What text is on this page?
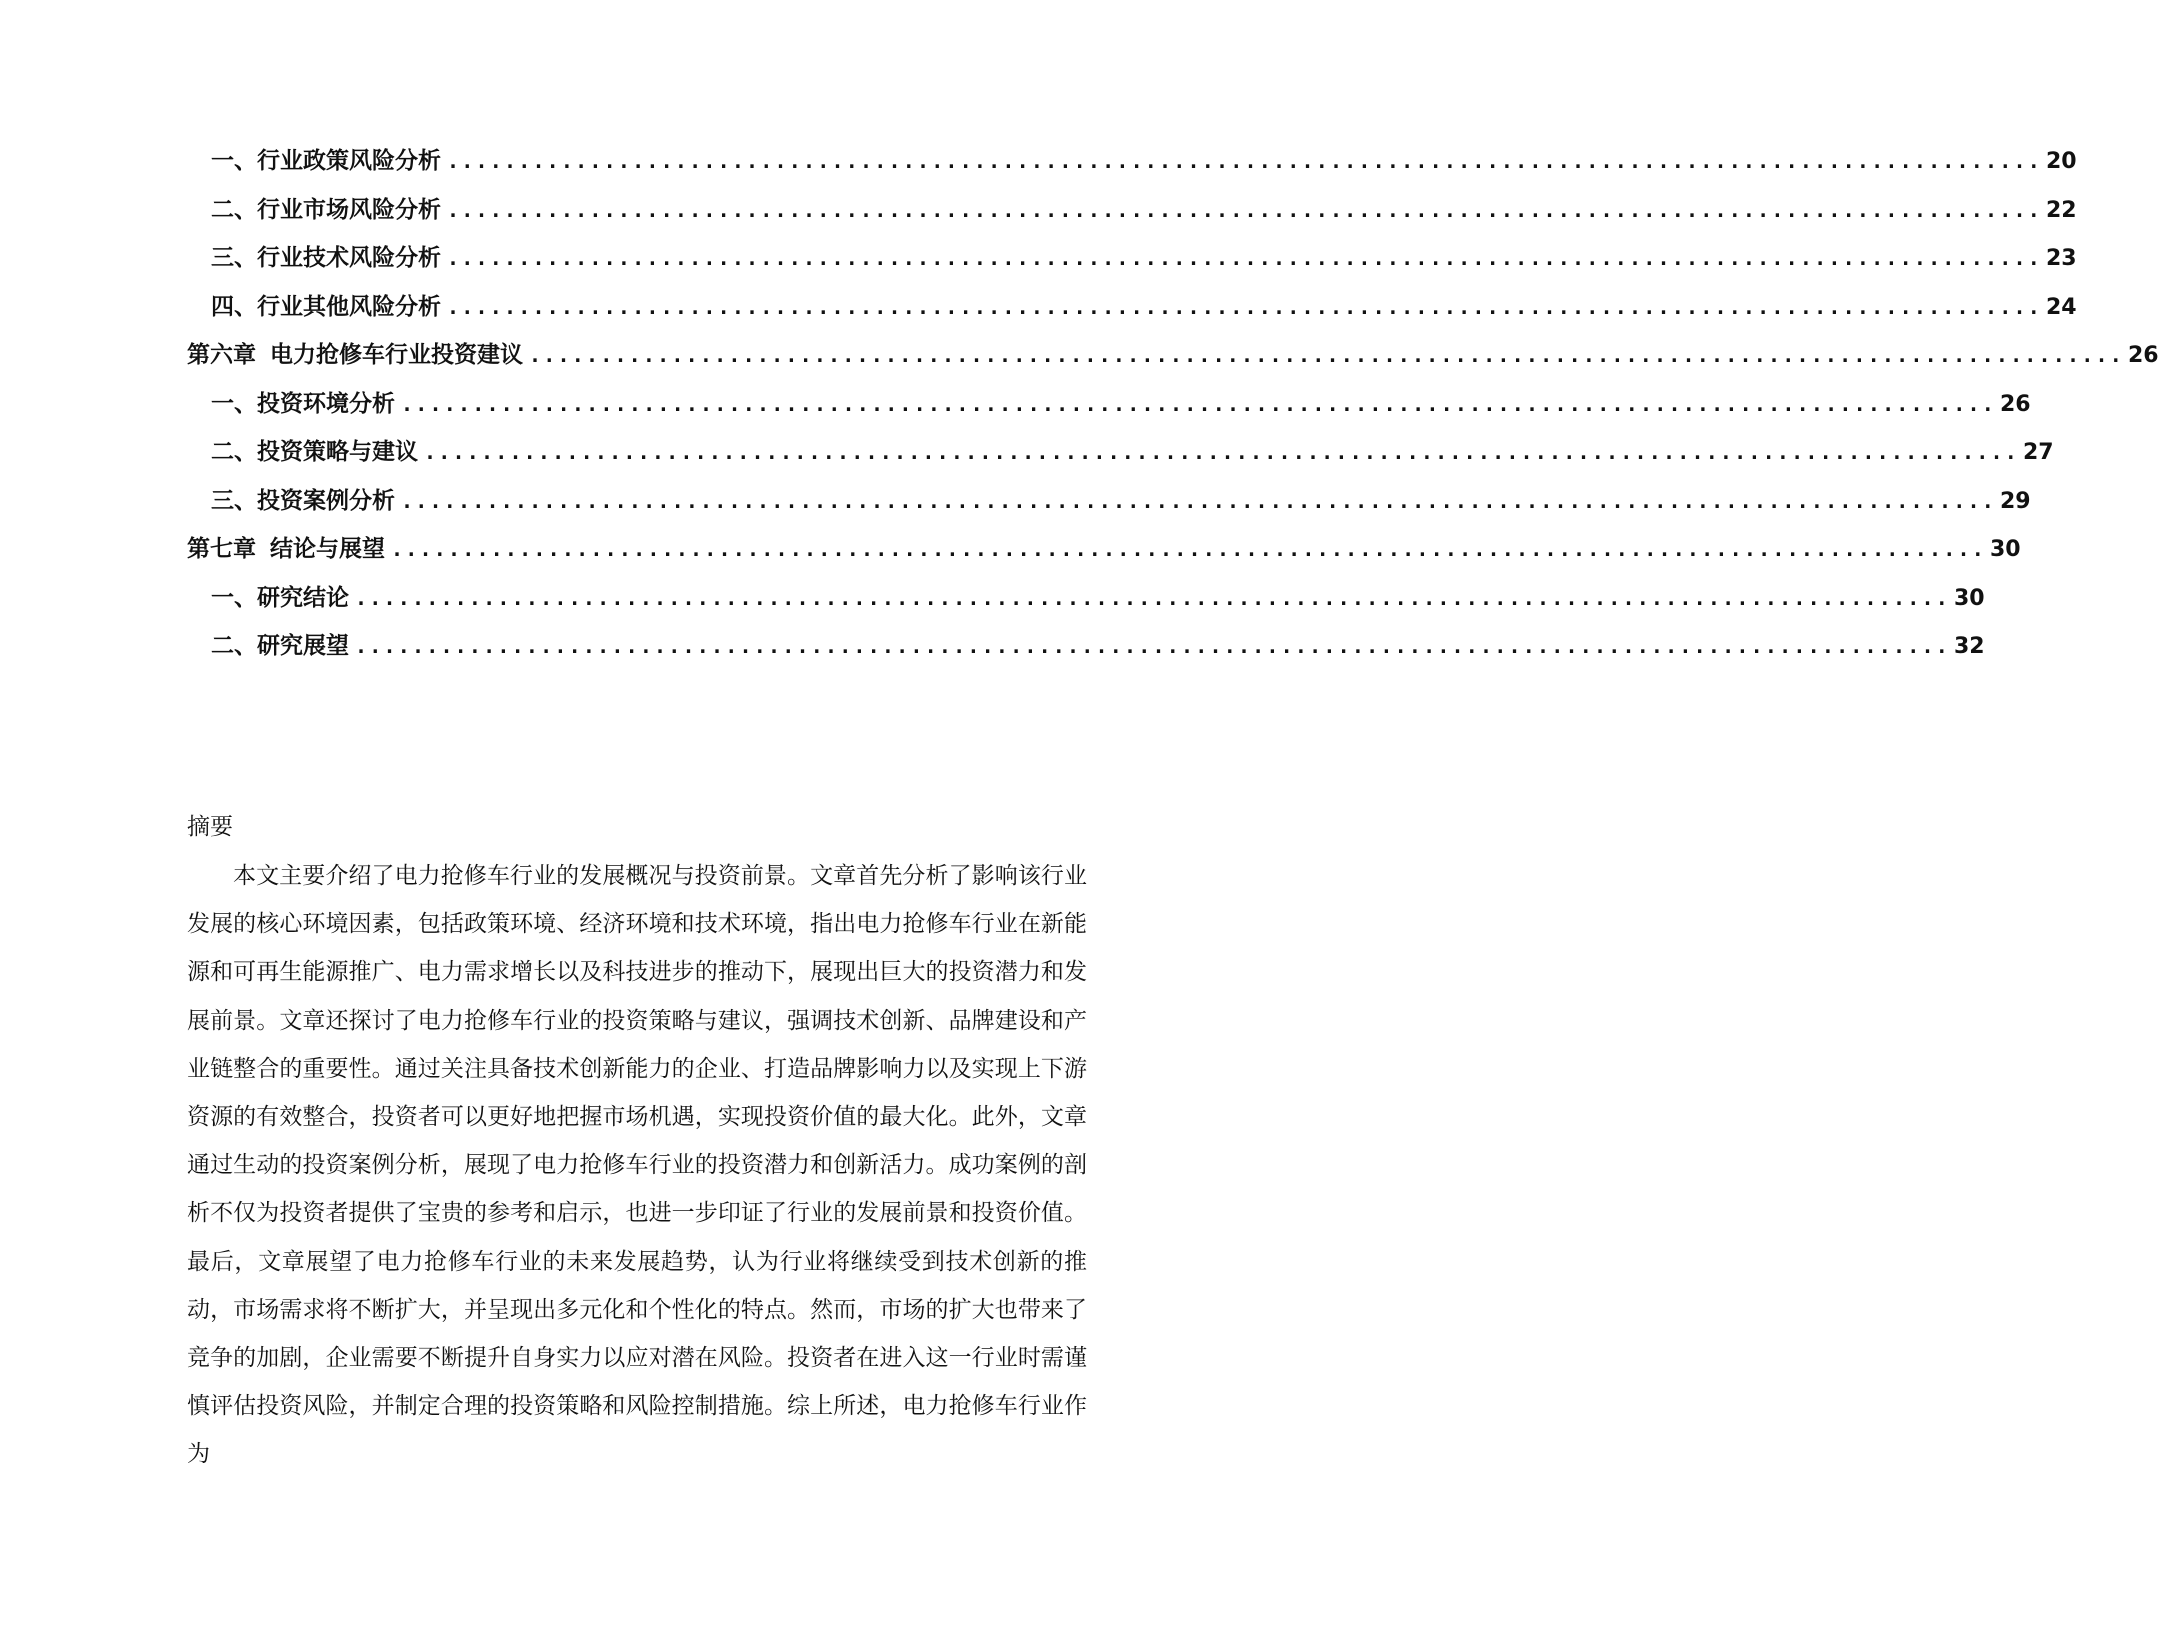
一、 行业政策风险分析 ................................................................................................................ 20
二、 行业市场风险分析 ................................................................................................................ 22
三、 行业技术风险分析 ................................................................................................................ 23
四、 行业其他风险分析 ................................................................................................................ 24
第六章 电力抢修车行业投资建议 ................................................................................................................ 26
一、 投资环境分析 ................................................................................................................ 26
二、 投资策略与建议 ................................................................................................................ 27
三、 投资案例分析 ................................................................................................................ 29
第七章 结论与展望 ................................................................................................................ 30
一、 研究结论 ................................................................................................................ 30
二、 研究展望 ................................................................................................................ 32
摘要

本文主要介绍了电力抢修车行业的发展概况与投资前景。文章首先分析了影响该行业发展的核心环境因素，包括政策环境、经济环境和技术环境，指出电力抢修车行业在新能源和可再生能源推广、电力需求增长以及科技进步的推动下，展现出巨大的投资潜力和发展前景。文章还探讨了电力抢修车行业的投资策略与建议，强调技术创新、品牌建设和产业链整合的重要性。通过关注具备技术创新能力的企业、打造品牌影响力以及实现上下游资源的有效整合，投资者可以更好地把握市场机遇，实现投资价值的最大化。此外，文章通过生动的投资案例分析，展现了电力抢修车行业的投资潜力和创新活力。成功案例的剖析不仅为投资者提供了宝贵的参考和启示，也进一步印证了行业的发展前景和投资价值。最后，文章展望了电力抢修车行业的未来发展趋势，认为行业将继续受到技术创新的推动，市场需求将不断扩大，并呈现出多元化和个性化的特点。然而，市场的扩大也带来了竞争的加剧，企业需要不断提升自身实力以应对潜在风险。投资者在进入这一行业时需谨慎评估投资风险，并制定合理的投资策略和风险控制措施。综上所述，电力抢修车行业作为
